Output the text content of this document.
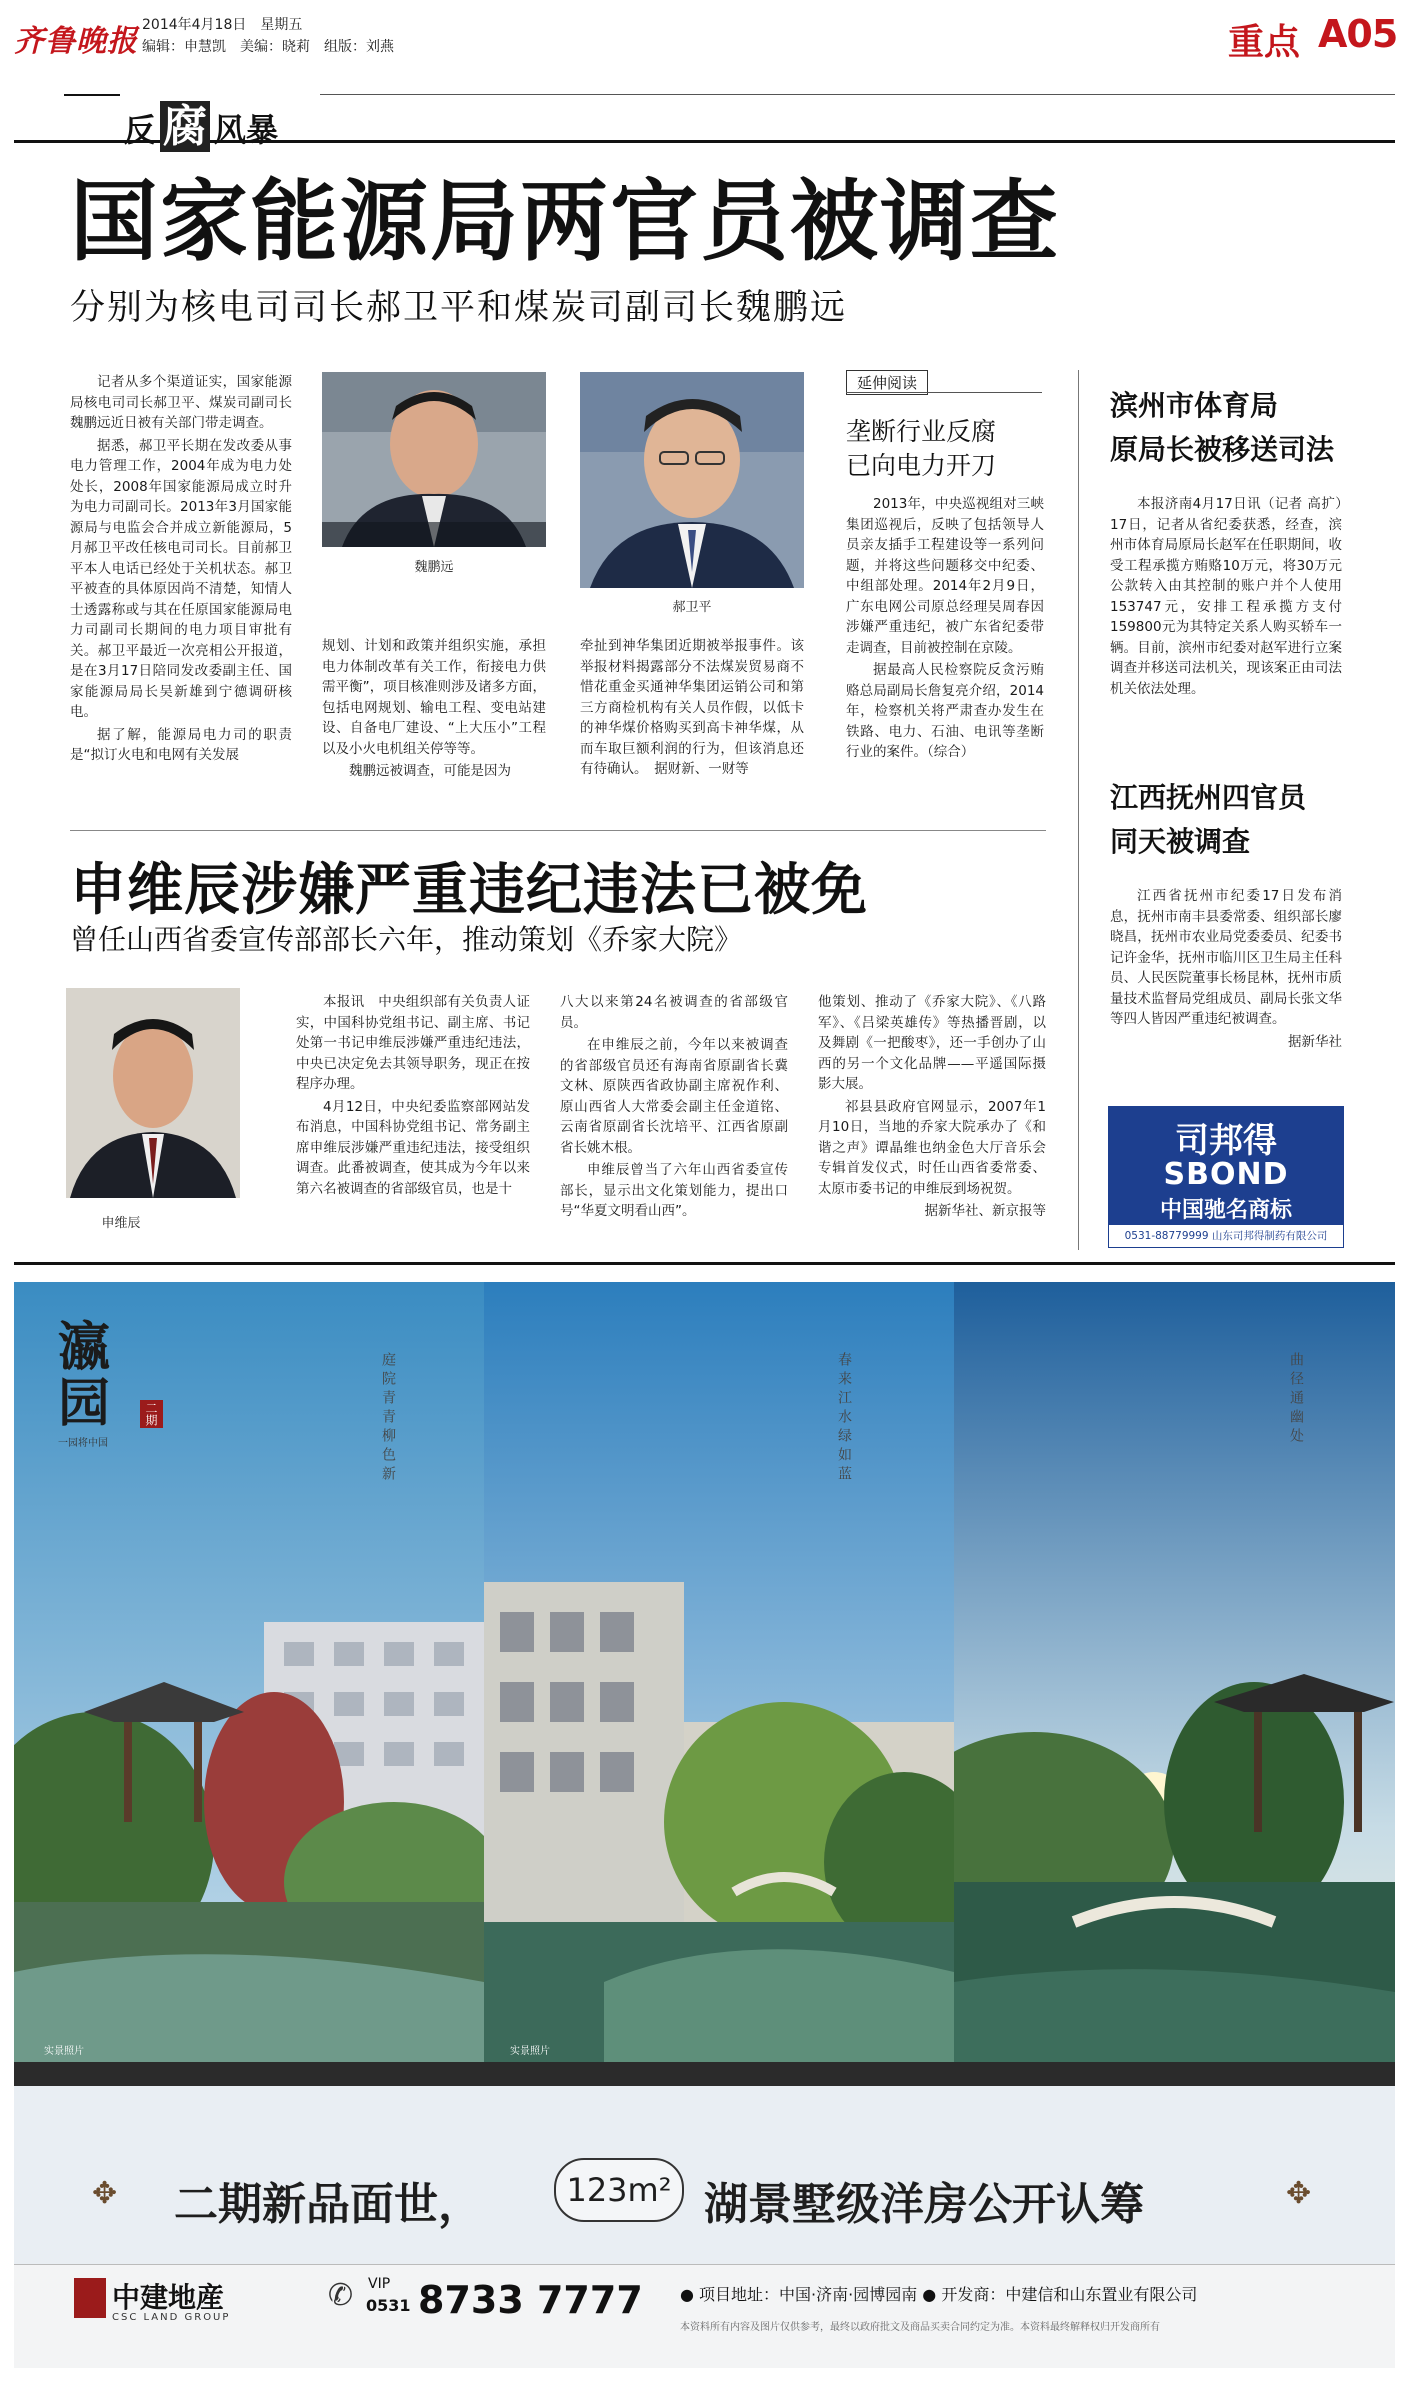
齐鲁晚报 2014年4月18日　星期五
编辑：申慧凯　美编：晓莉　组版：刘燕	重点 A05
反 腐 风暴
国家能源局两官员被调查
分别为核电司司长郝卫平和煤炭司副司长魏鹏远

记者从多个渠道证实，国家能源局核电司司长郝卫平、煤炭司副司长魏鹏远近日被有关部门带走调查。

据悉，郝卫平长期在发改委从事电力管理工作，2004年成为电力处处长，2008年国家能源局成立时升为电力司副司长。2013年3月国家能源局与电监会合并成立新能源局，5月郝卫平改任核电司司长。目前郝卫平本人电话已经处于关机状态。郝卫平被查的具体原因尚不清楚，知情人士透露称或与其在任原国家能源局电力司副司长期间的电力项目审批有关。郝卫平最近一次亮相公开报道，是在3月17日陪同发改委副主任、国家能源局局长吴新雄到宁德调研核电。

据了解，能源局电力司的职责是“拟订火电和电网有关发展

魏鹏远
郝卫平

规划、计划和政策并组织实施，承担电力体制改革有关工作，衔接电力供需平衡”，项目核准则涉及诸多方面，包括电网规划、输电工程、变电站建设、自备电厂建设、“上大压小”工程以及小火电机组关停等等。

魏鹏远被调查，可能是因为

牵扯到神华集团近期被举报事件。该举报材料揭露部分不法煤炭贸易商不惜花重金买通神华集团运销公司和第三方商检机构有关人员作假，以低卡的神华煤价格购买到高卡神华煤，从而车取巨额利润的行为，但该消息还有待确认。　据财新、一财等

延伸阅读
垄断行业反腐
已向电力开刀

2013年，中央巡视组对三峡集团巡视后，反映了包括领导人员亲友插手工程建设等一系列问题，并将这些问题移交中纪委、中组部处理。2014年2月9日，广东电网公司原总经理吴周春因涉嫌严重违纪，被广东省纪委带走调查，目前被控制在京陵。

据最高人民检察院反贪污贿赂总局副局长詹复亮介绍，2014年，检察机关将严肃查办发生在铁路、电力、石油、电讯等垄断行业的案件。（综合）

滨州市体育局
原局长被移送司法

本报济南4月17日讯（记者 高扩）　17日，记者从省纪委获悉，经查，滨州市体育局原局长赵军在任职期间，收受工程承揽方贿赂10万元，将30万元公款转入由其控制的账户并个人使用153747元，安排工程承揽方支付159800元为其特定关系人购买轿车一辆。目前，滨州市纪委对赵军进行立案调查并移送司法机关，现该案正由司法机关依法处理。

江西抚州四官员
同天被调查

江西省抚州市纪委17日发布消息，抚州市南丰县委常委、组织部长廖晓昌，抚州市农业局党委委员、纪委书记许金华，抚州市临川区卫生局主任科员、人民医院董事长杨昆林，抚州市质量技术监督局党组成员、副局长张文华等四人皆因严重违纪被调查。

据新华社

司邦得
SBOND
中国驰名商标
0531-88779999 山东司邦得制药有限公司
申维辰涉嫌严重违纪违法已被免
曾任山西省委宣传部部长六年，推动策划《乔家大院》
申维辰

本报讯　中央组织部有关负责人证实，中国科协党组书记、副主席、书记处第一书记申维辰涉嫌严重违纪违法，中央已决定免去其领导职务，现正在按程序办理。

4月12日，中央纪委监察部网站发布消息，中国科协党组书记、常务副主席申维辰涉嫌严重违纪违法，接受组织调查。此番被调查，使其成为今年以来第六名被调查的省部级官员，也是十

八大以来第24名被调查的省部级官员。

在申维辰之前，今年以来被调查的省部级官员还有海南省原副省长冀文林、原陕西省政协副主席祝作利、原山西省人大常委会副主任金道铭、云南省原副省长沈培平、江西省原副省长姚木根。

申维辰曾当了六年山西省委宣传部长，显示出文化策划能力，提出口号“华夏文明看山西”。

他策划、推动了《乔家大院》、《八路军》、《吕梁英雄传》等热播晋剧，以及舞剧《一把酸枣》，还一手创办了山西的另一个文化品牌——平遥国际摄影大展。

祁县县政府官网显示，2007年1月10日，当地的乔家大院承办了《和谐之声》谭晶维也纳金色大厅音乐会专辑首发仪式，时任山西省委常委、太原市委书记的申维辰到场祝贺。

据新华社、新京报等

瀛园
一园将中国
二期	庭院青青柳色新	春来江水绿如蓝	曲径通幽处
实景照片	实景照片
✥ 二期新品面世，	123m² 湖景墅级洋房公开认筹	✥
中建地産
CSC LAND GROUP
✆ VIP
0531 8733 7777 ● 项目地址：中国·济南·园博园南 ● 开发商：中建信和山东置业有限公司
本资料所有内容及图片仅供参考，最终以政府批文及商品买卖合同约定为准。本资料最终解释权归开发商所有
